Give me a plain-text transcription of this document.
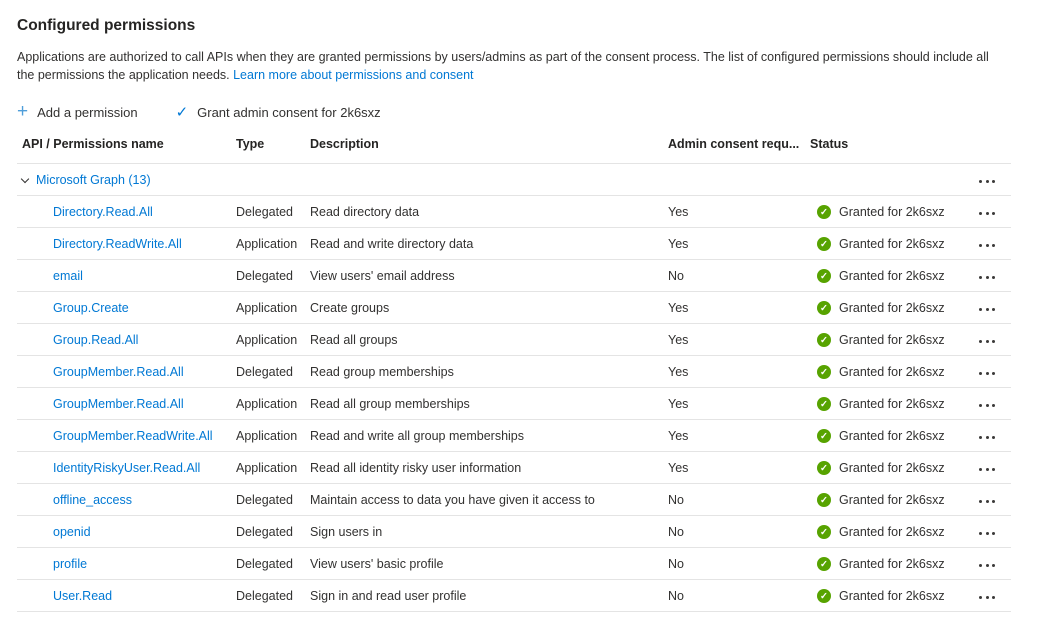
Configured permissions

Applications are authorized to call APIs when they are granted permissions by users/admins as part of the consent process. The list of configured permissions should include all the permissions the application needs. Learn more about permissions and consent

+ Add a permission	✓ Grant admin consent for 2k6sxz
API / Permissions name	Type	Description	Admin consent requ...	Status	
Microsoft Graph (13)					

Directory.Read.All	Delegated	Read directory data	Yes	✓ Granted for 2k6sxz	

Directory.ReadWrite.All	Application	Read and write directory data	Yes	✓ Granted for 2k6sxz	

email	Delegated	View users' email address	No	✓ Granted for 2k6sxz	

Group.Create	Application	Create groups	Yes	✓ Granted for 2k6sxz	

Group.Read.All	Application	Read all groups	Yes	✓ Granted for 2k6sxz	

GroupMember.Read.All	Delegated	Read group memberships	Yes	✓ Granted for 2k6sxz	

GroupMember.Read.All	Application	Read all group memberships	Yes	✓ Granted for 2k6sxz	

GroupMember.ReadWrite.All	Application	Read and write all group memberships	Yes	✓ Granted for 2k6sxz	

IdentityRiskyUser.Read.All	Application	Read all identity risky user information	Yes	✓ Granted for 2k6sxz	

offline_access	Delegated	Maintain access to data you have given it access to	No	✓ Granted for 2k6sxz	

openid	Delegated	Sign users in	No	✓ Granted for 2k6sxz	

profile	Delegated	View users' basic profile	No	✓ Granted for 2k6sxz	

User.Read	Delegated	Sign in and read user profile	No	✓ Granted for 2k6sxz	
